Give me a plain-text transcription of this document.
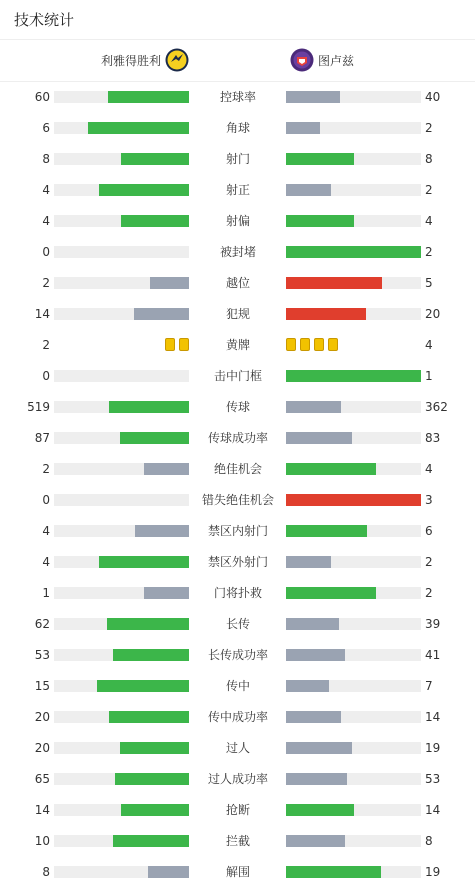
技术统计
利雅得胜利	图卢兹
60	控球率	40
6	角球	2
8	射门	8
4	射正	2
4	射偏	4
0	被封堵	2
2	越位	5
14	犯规	20
2	黄牌	4
0	击中门框	1
519	传球	362
87	传球成功率	83
2	绝佳机会	4
0	错失绝佳机会	3
4	禁区内射门	6
4	禁区外射门	2
1	门将扑救	2
62	长传	39
53	长传成功率	41
15	传中	7
20	传中成功率	14
20	过人	19
65	过人成功率	53
14	抢断	14
10	拦截	8
8	解围	19
